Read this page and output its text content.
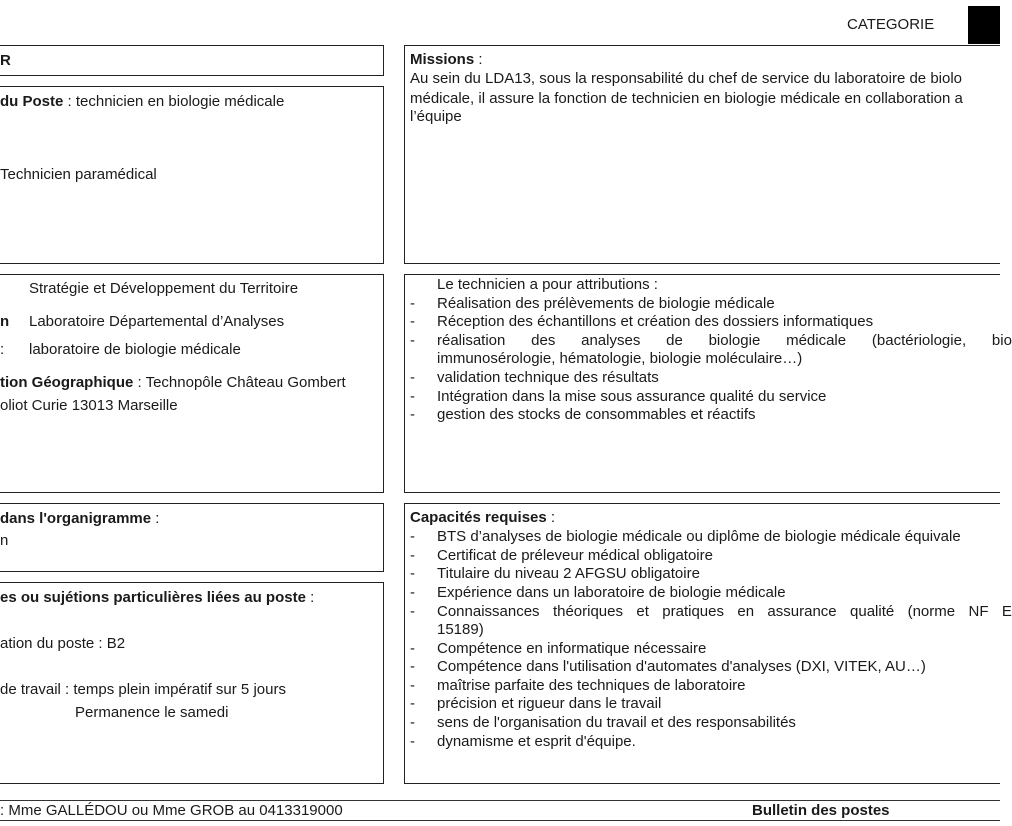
CATEGORIE
R
du Poste : technicien en biologie médicale
Technicien paramédical
Stratégie et Développement du Territoire
n Laboratoire Départemental d’Analyses
: laboratoire de biologie médicale
tion Géographique : Technopôle Château Gombert
oliot Curie 13013 Marseille
dans l'organigramme :
n
es ou sujétions particulières liées au poste :
ation du poste : B2
de travail : temps plein impératif sur 5 jours
Permanence le samedi
Missions :
Au sein du LDA13, sous la responsabilité du chef de service du laboratoire de biolo
médicale, il assure la fonction de technicien en biologie médicale en collaboration a
l’équipe
Le technicien a pour attributions :
- Réalisation des prélèvements de biologie médicale
- Réception des échantillons et création des dossiers informatiques
- réalisation des analyses de biologie médicale (bactériologie, bio
immunosérologie, hématologie, biologie moléculaire…)
- validation technique des résultats
- Intégration dans la mise sous assurance qualité du service
- gestion des stocks de consommables et réactifs
Capacités requises :
- BTS d’analyses de biologie médicale ou diplôme de biologie médicale équivale
- Certificat de préleveur médical obligatoire
- Titulaire du niveau 2 AFGSU obligatoire
- Expérience dans un laboratoire de biologie médicale
- Connaissances théoriques et pratiques en assurance qualité (norme NF E
15189)
- Compétence en informatique nécessaire
- Compétence dans l'utilisation d'automates d'analyses (DXI, VITEK, AU…)
- maîtrise parfaite des techniques de laboratoire
- précision et rigueur dans le travail
- sens de l'organisation du travail et des responsabilités
- dynamisme et esprit d'équipe.
: Mme GALLÉDOU ou Mme GROB au 0413319000	Bulletin des postes
